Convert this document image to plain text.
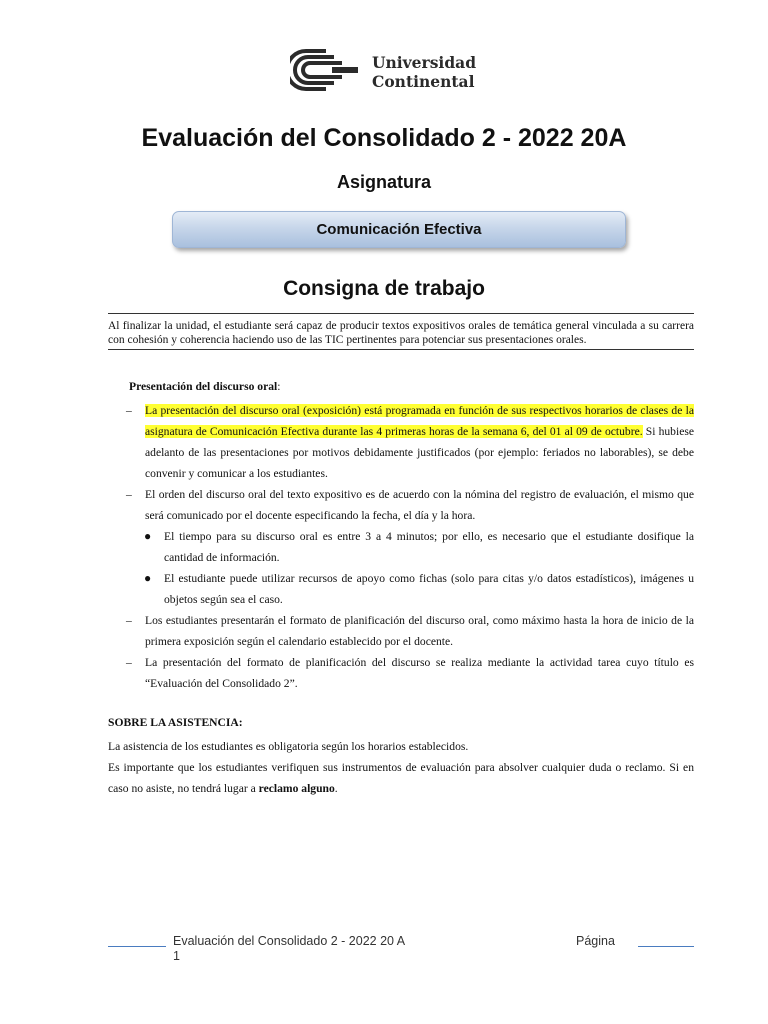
Universidad
Continental
Evaluación del Consolidado 2 - 2022 20A
Asignatura
Comunicación Efectiva
Consigna de trabajo
Al finalizar la unidad, el estudiante será capaz de producir textos expositivos orales de temática general vinculada a su carrera con cohesión y coherencia haciendo uso de las TIC pertinentes para potenciar sus presentaciones orales.
Presentación del discurso oral:
– La presentación del discurso oral (exposición) está programada en función de sus respectivos horarios de clases de la asignatura de Comunicación Efectiva durante las 4 primeras horas de la semana 6, del 01 al 09 de octubre. Si hubiese adelanto de las presentaciones por motivos debidamente justificados (por ejemplo: feriados no laborables), se debe convenir y comunicar a los estudiantes.
– El orden del discurso oral del texto expositivo es de acuerdo con la nómina del registro de evaluación, el mismo que será comunicado por el docente especificando la fecha, el día y la hora.
● El tiempo para su discurso oral es entre 3 a 4 minutos; por ello, es necesario que el estudiante dosifique la cantidad de información.
● El estudiante puede utilizar recursos de apoyo como fichas (solo para citas y/o datos estadísticos), imágenes u objetos según sea el caso.
– Los estudiantes presentarán el formato de planificación del discurso oral, como máximo hasta la hora de inicio de la primera exposición según el calendario establecido por el docente.
– La presentación del formato de planificación del discurso se realiza mediante la actividad tarea cuyo título es “Evaluación del Consolidado 2”.
SOBRE LA ASISTENCIA:
La asistencia de los estudiantes es obligatoria según los horarios establecidos.
Es importante que los estudiantes verifiquen sus instrumentos de evaluación para absolver cualquier duda o reclamo. Si en caso no asiste, no tendrá lugar a reclamo alguno.
Evaluación del Consolidado 2 - 2022 20 A
1
Página
